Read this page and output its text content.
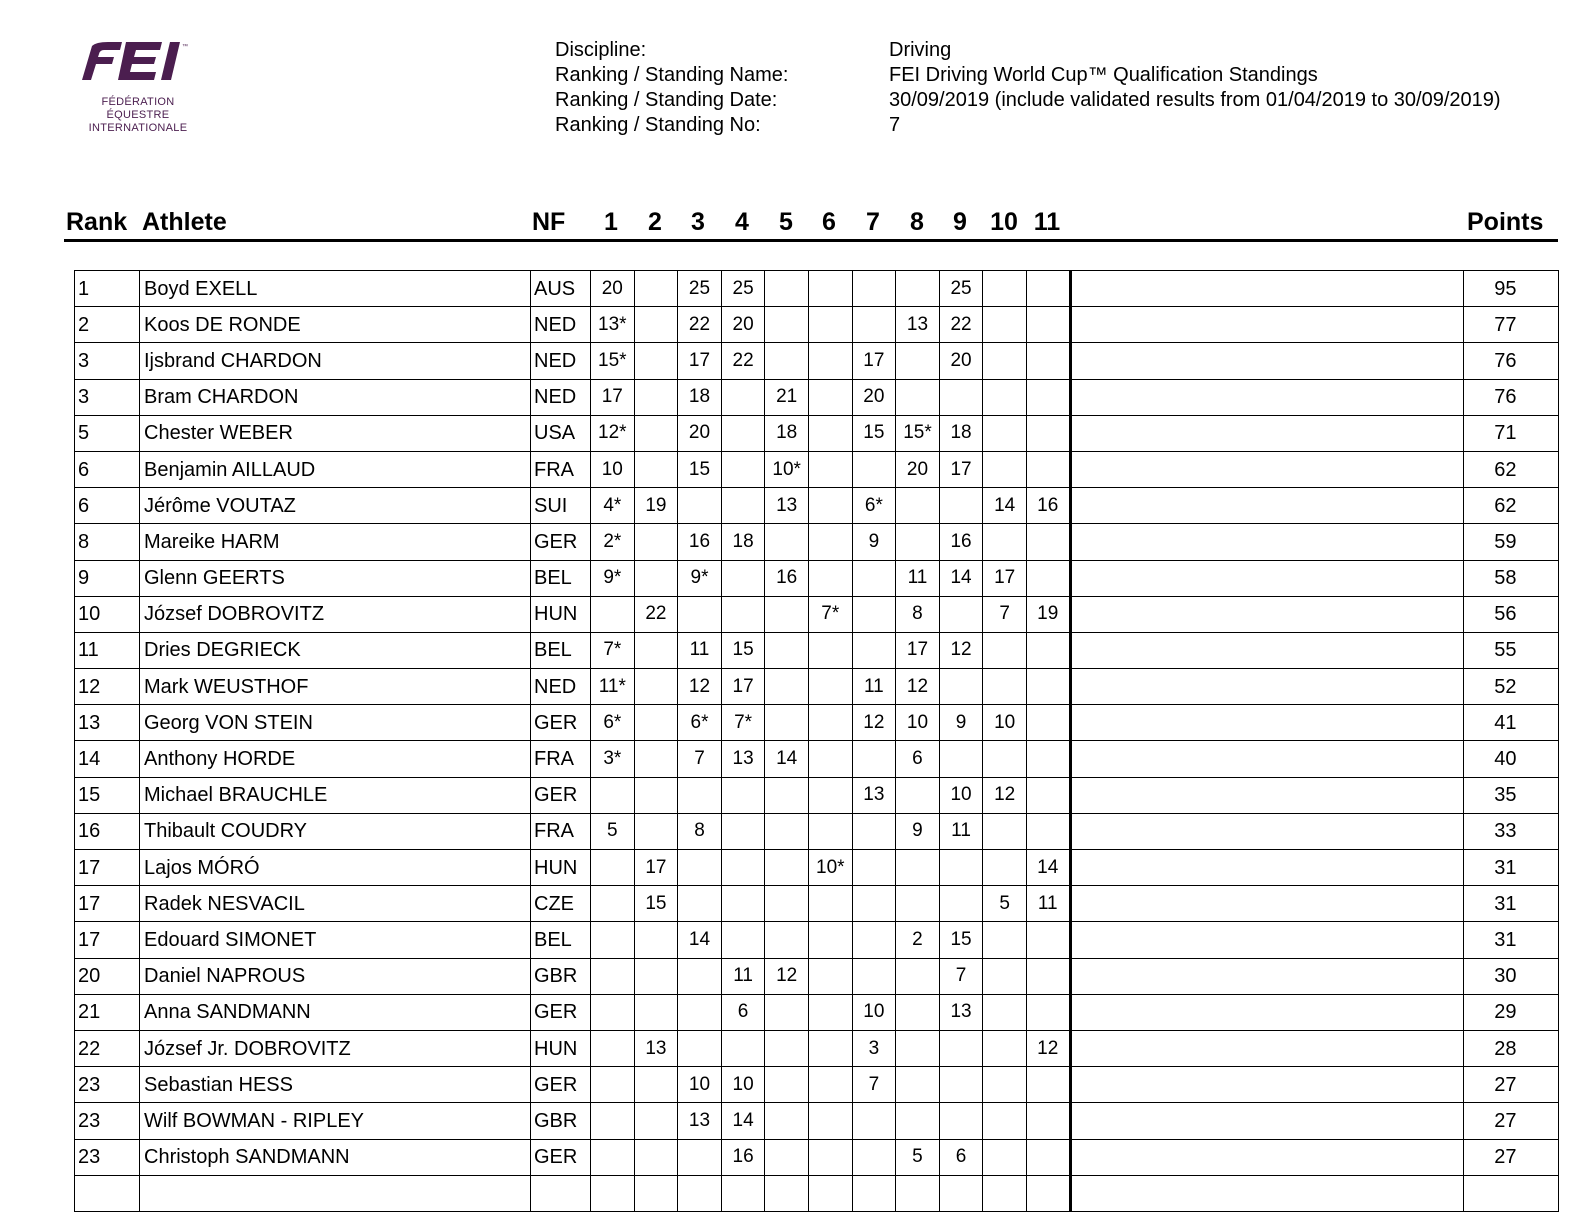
™
FÉDÉRATION
ÉQUESTRE
INTERNATIONALE
Discipline:
Ranking / Standing Name:
Ranking / Standing Date:
Ranking / Standing No:
Driving
FEI Driving World Cup™ Qualification Standings
30/09/2019 (include validated results from 01/04/2019 to 30/09/2019)
7
Rank Athlete	NF	Points
1	2	3	4	5	6	7	8	9 10 11
1	Boyd EXELL	AUS	20		25	25					25				95
2	Koos DE RONDE	NED	13*		22	20				13	22				77
3	Ijsbrand CHARDON	NED	15*		17	22			17		20				76
3	Bram CHARDON	NED	17		18		21		20						76
5	Chester WEBER	USA	12*		20		18		15	15*	18				71
6	Benjamin AILLAUD	FRA	10		15		10*			20	17				62
6	Jérôme VOUTAZ	SUI	4*	19			13		6*			14	16		62
8	Mareike HARM	GER	2*		16	18			9		16				59
9	Glenn GEERTS	BEL	9*		9*		16			11	14	17			58
10	József DOBROVITZ	HUN		22				7*		8		7	19		56
11	Dries DEGRIECK	BEL	7*		11	15				17	12				55
12	Mark WEUSTHOF	NED	11*		12	17			11	12					52
13	Georg VON STEIN	GER	6*		6*	7*			12	10	9	10			41
14	Anthony HORDE	FRA	3*		7	13	14			6					40
15	Michael BRAUCHLE	GER							13		10	12			35
16	Thibault COUDRY	FRA	5		8					9	11				33
17	Lajos MÓRÓ	HUN		17				10*					14		31
17	Radek NESVACIL	CZE		15								5	11		31
17	Edouard SIMONET	BEL			14					2	15				31
20	Daniel NAPROUS	GBR				11	12				7				30
21	Anna SANDMANN	GER				6			10		13				29
22	József Jr. DOBROVITZ	HUN		13					3				12		28
23	Sebastian HESS	GER			10	10			7						27
23	Wilf BOWMAN - RIPLEY	GBR			13	14									27
23	Christoph SANDMANN	GER				16				5	6				27
